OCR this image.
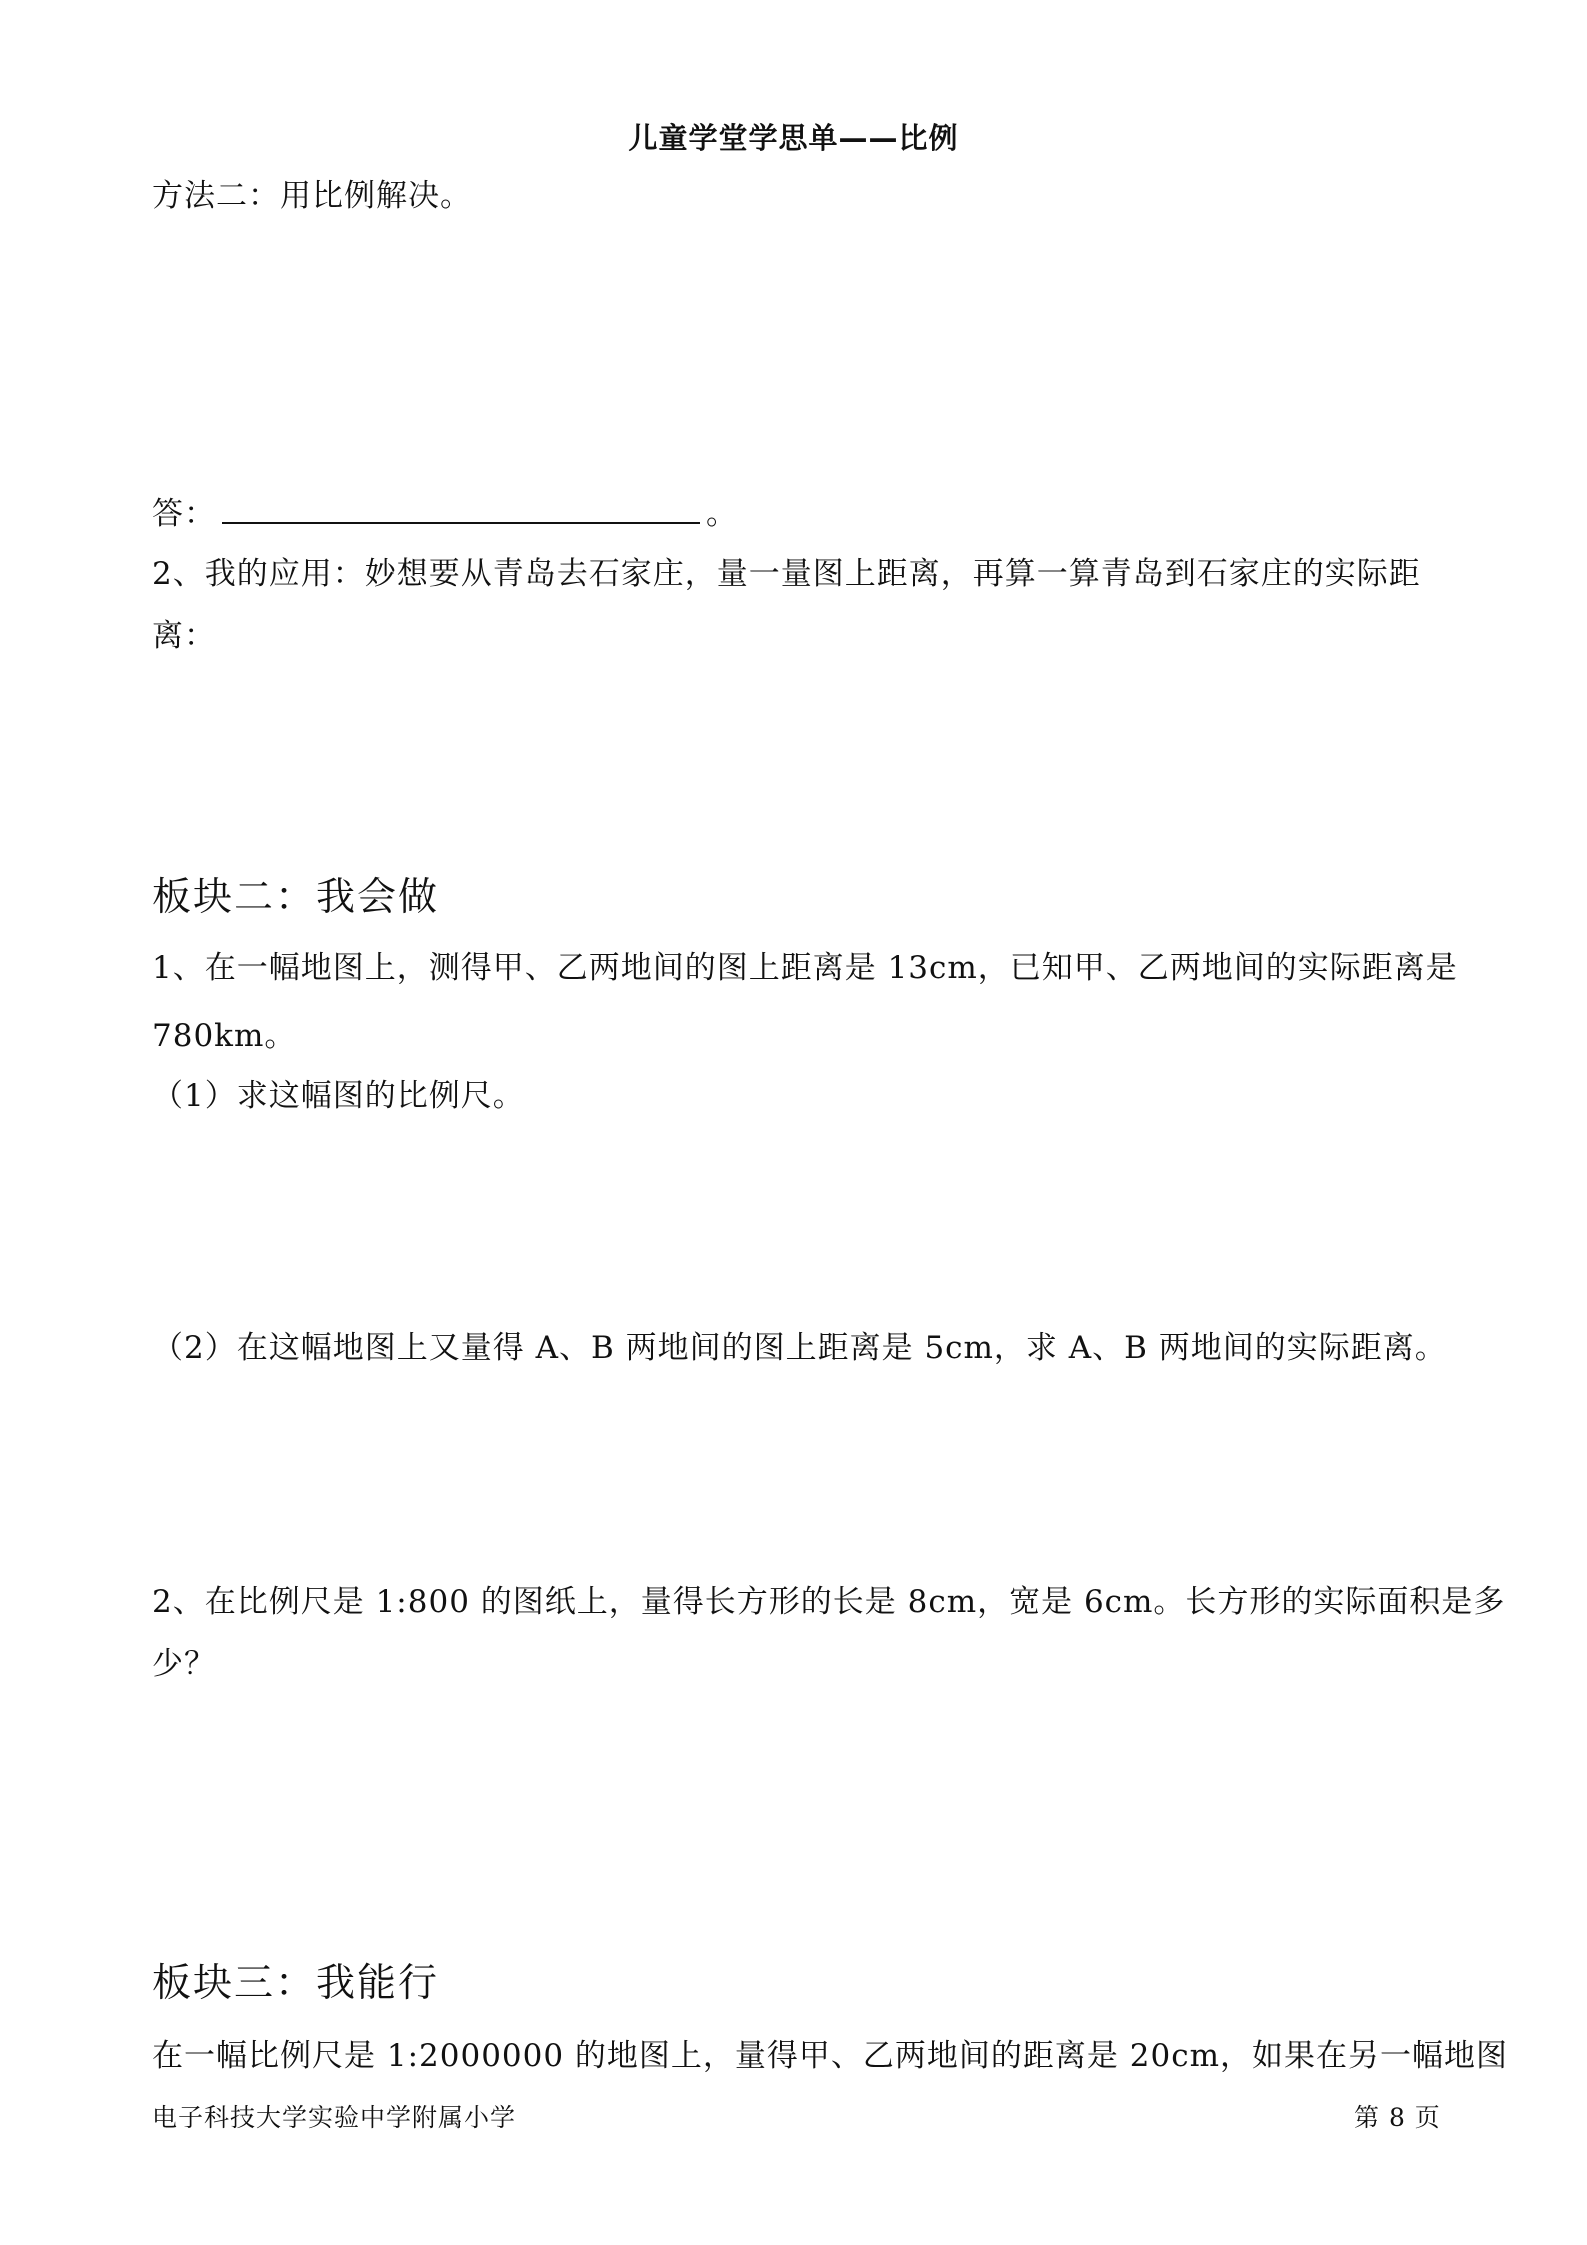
儿童学堂学思单——比例
方法二：用比例解决。
答：	。
2、我的应用：妙想要从青岛去石家庄，量一量图上距离，再算一算青岛到石家庄的实际距
离：
板块二：我会做
1、在一幅地图上，测得甲、乙两地间的图上距离是 13cm，已知甲、乙两地间的实际距离是
780km。
（1）求这幅图的比例尺。
（2）在这幅地图上又量得 A、B 两地间的图上距离是 5cm，求 A、B 两地间的实际距离。
2、在比例尺是 1:800 的图纸上，量得长方形的长是 8cm，宽是 6cm。长方形的实际面积是多
少？
板块三：我能行
在一幅比例尺是 1:2000000 的地图上，量得甲、乙两地间的距离是 20cm，如果在另一幅地图
电子科技大学实验中学附属小学	第 8 页
